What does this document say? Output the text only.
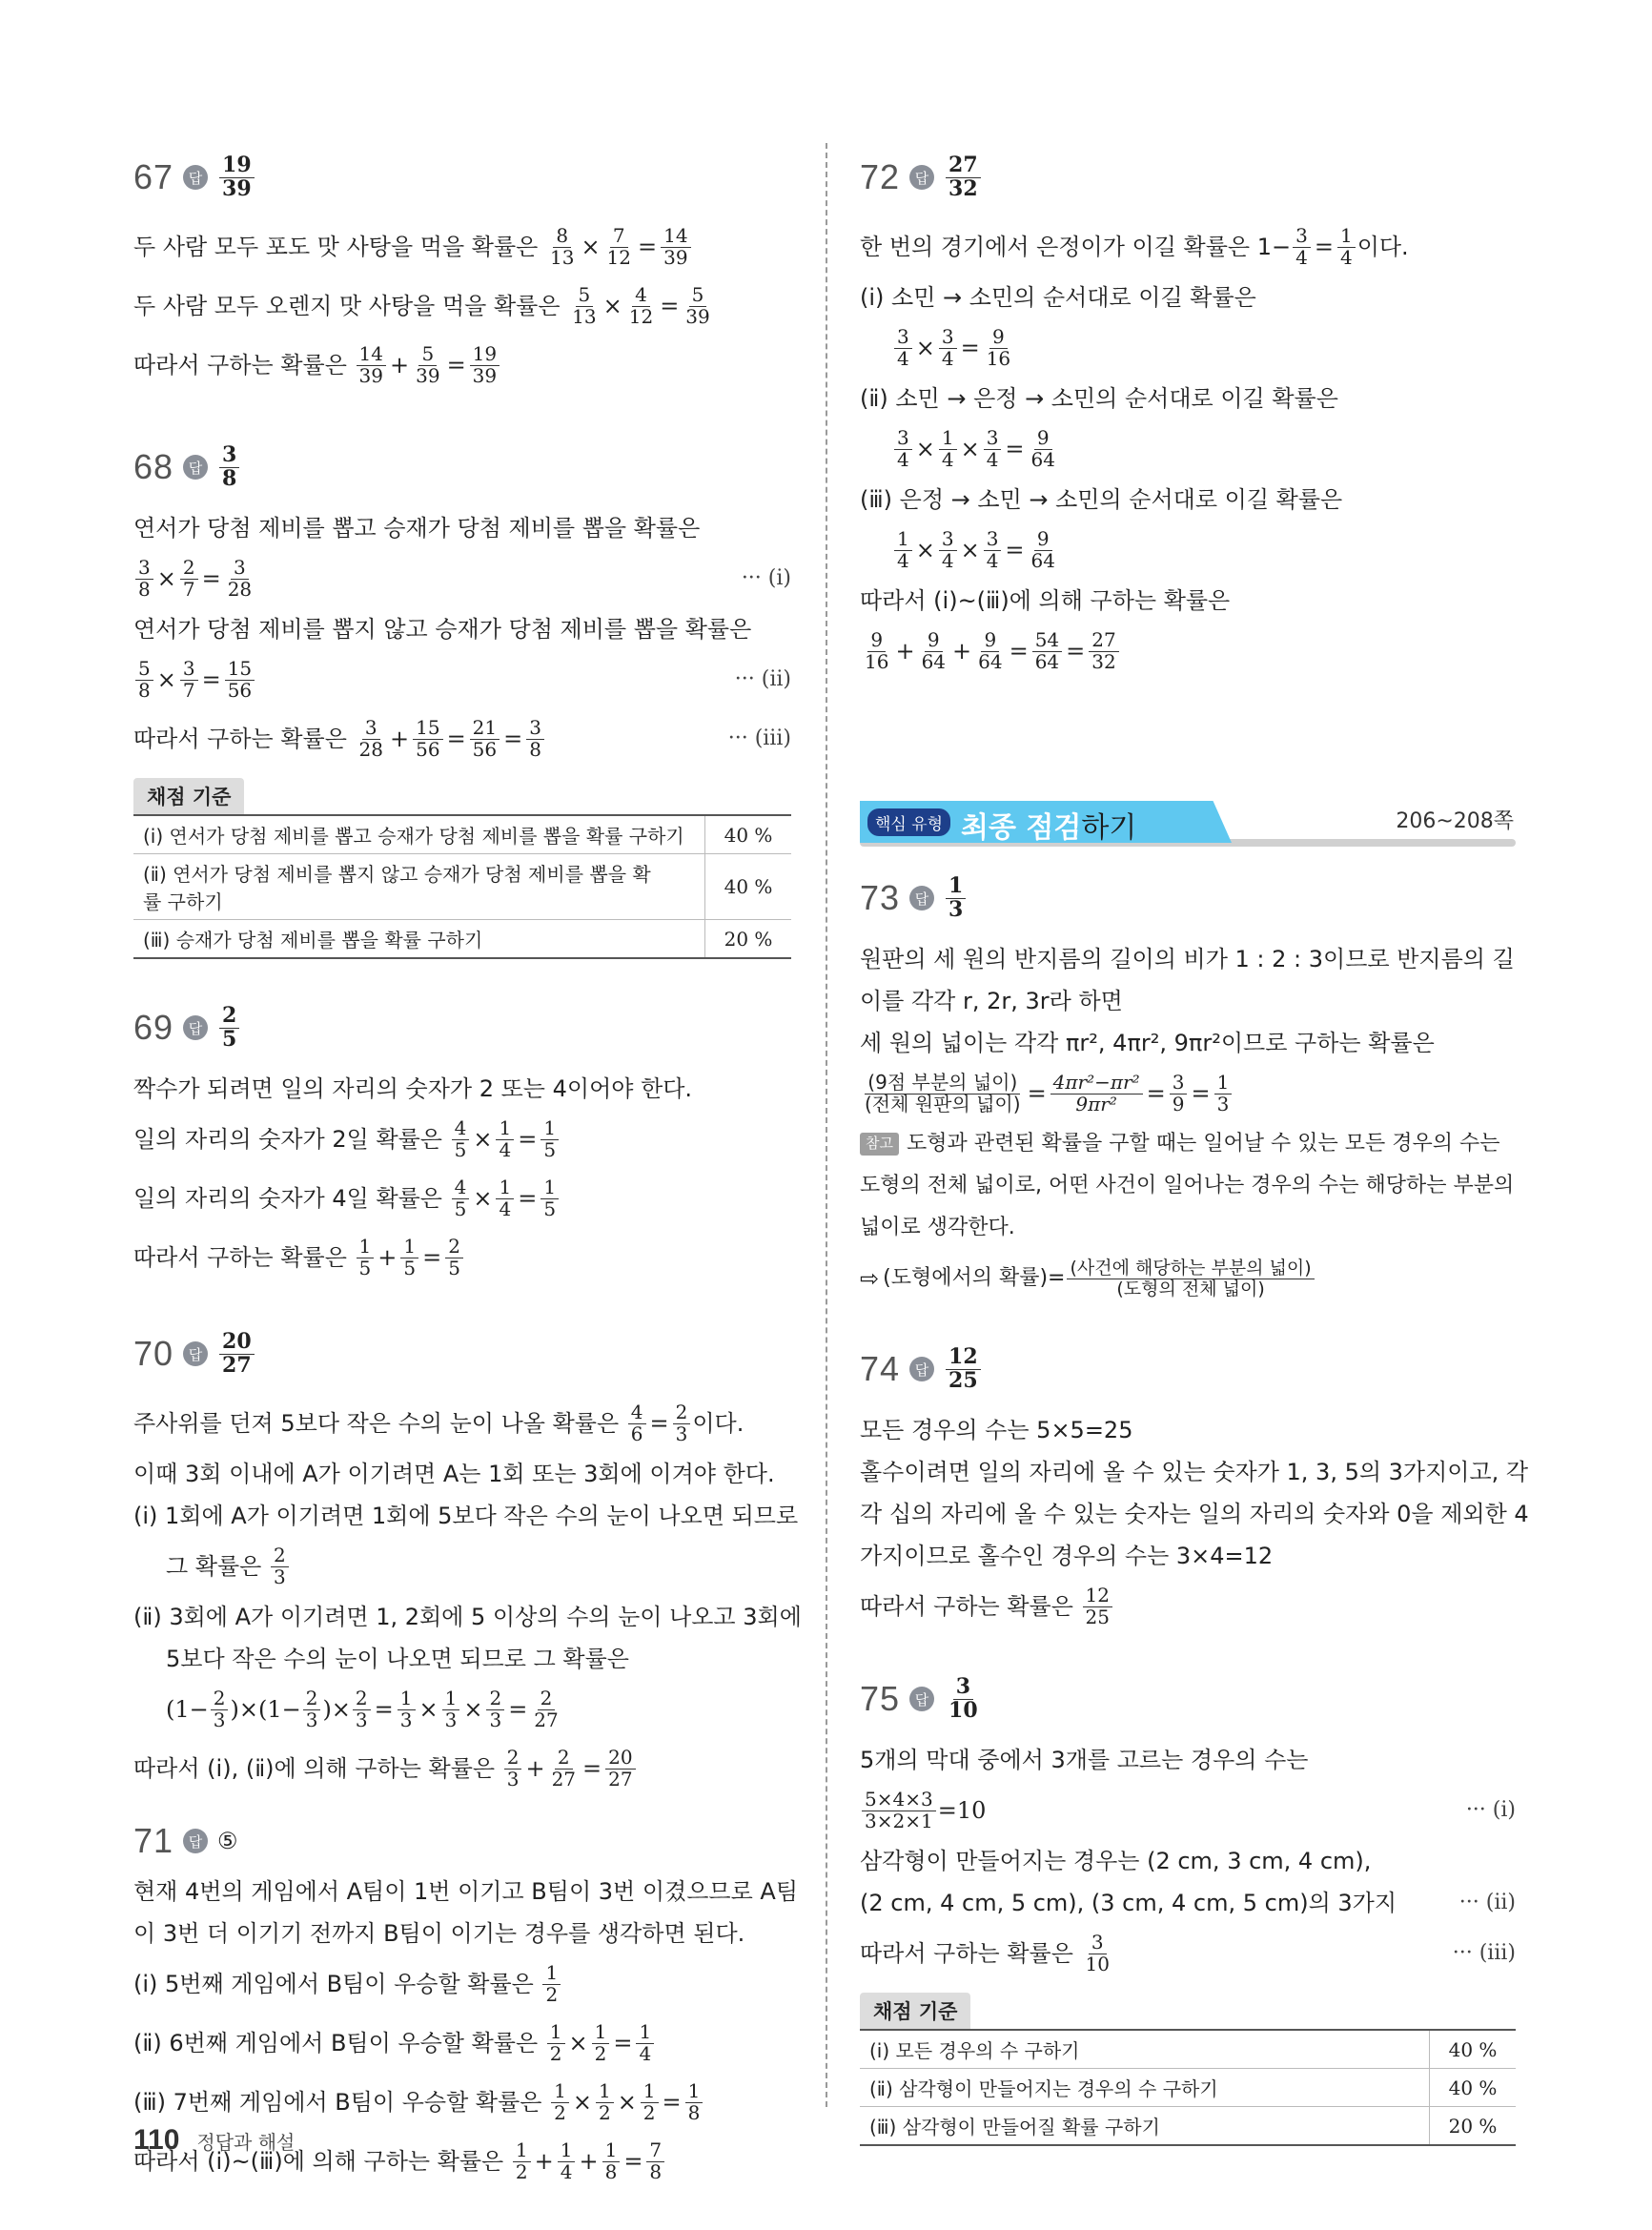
67	답 $\frac{19}{39}$
두 사람 모두 포도 맛 사탕을 먹을 확률은 $\frac{8}{13} \times \frac{7}{12} = \frac{14}{39}$
두 사람 모두 오렌지 맛 사탕을 먹을 확률은 $\frac{5}{13} \times \frac{4}{12} = \frac{5}{39}$
따라서 구하는 확률은 $\frac{14}{39} + \frac{5}{39} = \frac{19}{39}$
68	답 $\frac{3}{8}$
연서가 당첨 제비를 뽑고 승재가 당첨 제비를 뽑을 확률은
$\frac{3}{8} \times \frac{2}{7} = \frac{3}{28}$	··· (ⅰ)
연서가 당첨 제비를 뽑지 않고 승재가 당첨 제비를 뽑을 확률은
$\frac{5}{8} \times \frac{3}{7} = \frac{15}{56}$	··· (ⅱ)
따라서 구하는 확률은 $\frac{3}{28} + \frac{15}{56} = \frac{21}{56} = \frac{3}{8}$	··· (ⅲ)
채점 기준
(ⅰ) 연서가 당첨 제비를 뽑고 승재가 당첨 제비를 뽑을 확률 구하기	40 %
(ⅱ) 연서가 당첨 제비를 뽑지 않고 승재가 당첨 제비를 뽑을 확률 구하기	40 %
(ⅲ) 승재가 당첨 제비를 뽑을 확률 구하기	20 %
69	답 $\frac{2}{5}$
짝수가 되려면 일의 자리의 숫자가 2 또는 4이어야 한다.
일의 자리의 숫자가 2일 확률은 $\frac{4}{5} \times \frac{1}{4} = \frac{1}{5}$
일의 자리의 숫자가 4일 확률은 $\frac{4}{5} \times \frac{1}{4} = \frac{1}{5}$
따라서 구하는 확률은 $\frac{1}{5} + \frac{1}{5} = \frac{2}{5}$
70	답 $\frac{20}{27}$
주사위를 던져 5보다 작은 수의 눈이 나올 확률은 $\frac{4}{6} = \frac{2}{3}$ 이다.
이때 3회 이내에 A가 이기려면 A는 1회 또는 3회에 이겨야 한다.
(ⅰ) 1회에 A가 이기려면 1회에 5보다 작은 수의 눈이 나오면 되므로
그 확률은 $\frac{2}{3}$
(ⅱ) 3회에 A가 이기려면 1, 2회에 5 이상의 수의 눈이 나오고 3회에
5보다 작은 수의 눈이 나오면 되므로 그 확률은
$(1- \frac{2}{3} )\times(1- \frac{2}{3}$ )× $\frac{2}{3} = \frac{1}{3} \times \frac{1}{3} \times \frac{2}{3} = \frac{2}{27}$
따라서 (ⅰ), (ⅱ)에 의해 구하는 확률은 $\frac{2}{3} + \frac{2}{27} = \frac{20}{27}$
71	답 ⑤
현재 4번의 게임에서 A팀이 1번 이기고 B팀이 3번 이겼으므로 A팀
이 3번 더 이기기 전까지 B팀이 이기는 경우를 생각하면 된다.
(ⅰ) 5번째 게임에서 B팀이 우승할 확률은 $\frac{1}{2}$
(ⅱ) 6번째 게임에서 B팀이 우승할 확률은 $\frac{1}{2} \times \frac{1}{2} = \frac{1}{4}$
(ⅲ) 7번째 게임에서 B팀이 우승할 확률은 $\frac{1}{2} \times \frac{1}{2} \times \frac{1}{2} = \frac{1}{8}$
따라서 (ⅰ)~(ⅲ)에 의해 구하는 확률은 $\frac{1}{2} + \frac{1}{4} + \frac{1}{8} = \frac{7}{8}$
72	답 $\frac{27}{32}$
한 번의 경기에서 은정이가 이길 확률은 $1- \frac{3}{4} = \frac{1}{4}$ 이다.
(ⅰ) 소민 → 소민의 순서대로 이길 확률은
$\frac{3}{4} \times \frac{3}{4} = \frac{9}{16}$
(ⅱ) 소민 → 은정 → 소민의 순서대로 이길 확률은
$\frac{3}{4} \times \frac{1}{4} \times \frac{3}{4} = \frac{9}{64}$
(ⅲ) 은정 → 소민 → 소민의 순서대로 이길 확률은
$\frac{1}{4} \times \frac{3}{4} \times \frac{3}{4} = \frac{9}{64}$
따라서 (ⅰ)~(ⅲ)에 의해 구하는 확률은
$\frac{9}{16} + \frac{9}{64} + \frac{9}{64} = \frac{54}{64} = \frac{27}{32}$
핵심 유형 최종 점검하기	206~208쪽
73	답 $\frac{1}{3}$
원판의 세 원의 반지름의 길이의 비가 1 : 2 : 3이므로 반지름의 길
이를 각각 r, 2r, 3r라 하면
세 원의 넓이는 각각 πr², 4πr², 9πr²이므로 구하는 확률은
$\frac{\text{(9점 부분의 넓이)}}{\text{(전체 원판의 넓이)}} = \frac{\text{4πr²−πr²}}{\text{9πr²}} = \frac{3}{9} = \frac{1}{3}$
참고 도형과 관련된 확률을 구할 때는 일어날 수 있는 모든 경우의 수는
도형의 전체 넓이로, 어떤 사건이 일어나는 경우의 수는 해당하는 부분의
넓이로 생각한다.
⇨ (도형에서의 확률)= $\frac{\text{(사건에 해당하는 부분의 넓이)}}{\text{(도형의 전체 넓이)}}$
74	답 $\frac{12}{25}$
모든 경우의 수는 5×5=25
홀수이려면 일의 자리에 올 수 있는 숫자가 1, 3, 5의 3가지이고, 각
각 십의 자리에 올 수 있는 숫자는 일의 자리의 숫자와 0을 제외한 4
가지이므로 홀수인 경우의 수는 3×4=12
따라서 구하는 확률은 $\frac{12}{25}$
75	답 $\frac{3}{10}$
5개의 막대 중에서 3개를 고르는 경우의 수는
$\frac{5\times 4\times 3}{3\times 2\times 1} =10$	··· (ⅰ)
삼각형이 만들어지는 경우는 (2 cm, 3 cm, 4 cm),
(2 cm, 4 cm, 5 cm), (3 cm, 4 cm, 5 cm)의 3가지	··· (ⅱ)
따라서 구하는 확률은 $\frac{3}{10}$	··· (ⅲ)
채점 기준
(ⅰ) 모든 경우의 수 구하기	40 %
(ⅱ) 삼각형이 만들어지는 경우의 수 구하기	40 %
(ⅲ) 삼각형이 만들어질 확률 구하기	20 %
110 정답과 해설
